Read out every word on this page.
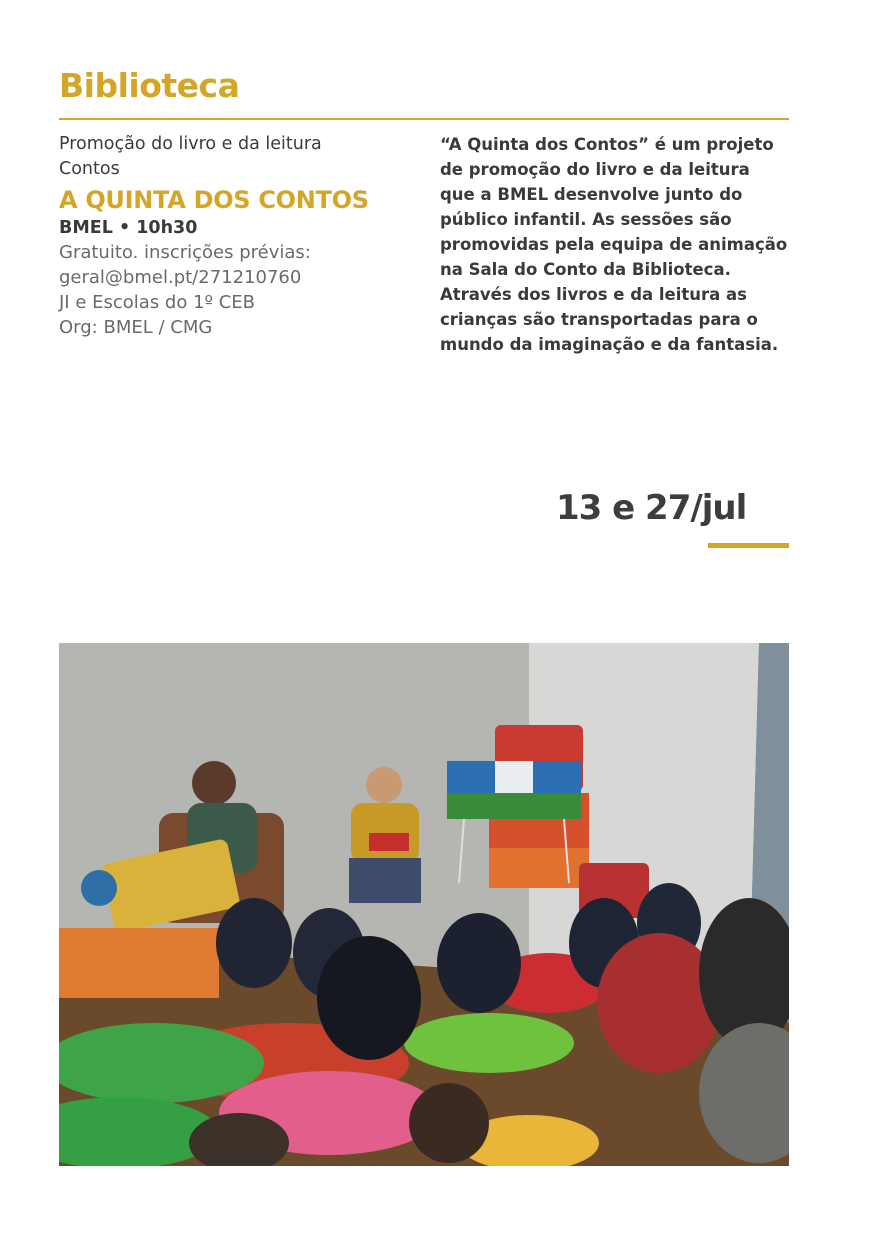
Biblioteca
Promoção do livro e da leitura
Contos
A QUINTA DOS CONTOS
BMEL • 10h30
Gratuito. inscrições prévias:
geral@bmel.pt/271210760
JI e Escolas do 1º CEB
Org: BMEL / CMG

“A Quinta dos Contos” é um projeto de promoção do livro e da leitura que a BMEL desenvolve junto do público infantil. As sessões são promovidas pela equipa de animação na Sala do Conto da Biblioteca. Através dos livros e da leitura as crianças são transportadas para o mundo da imaginação e da fantasia.

13 e 27/jul
